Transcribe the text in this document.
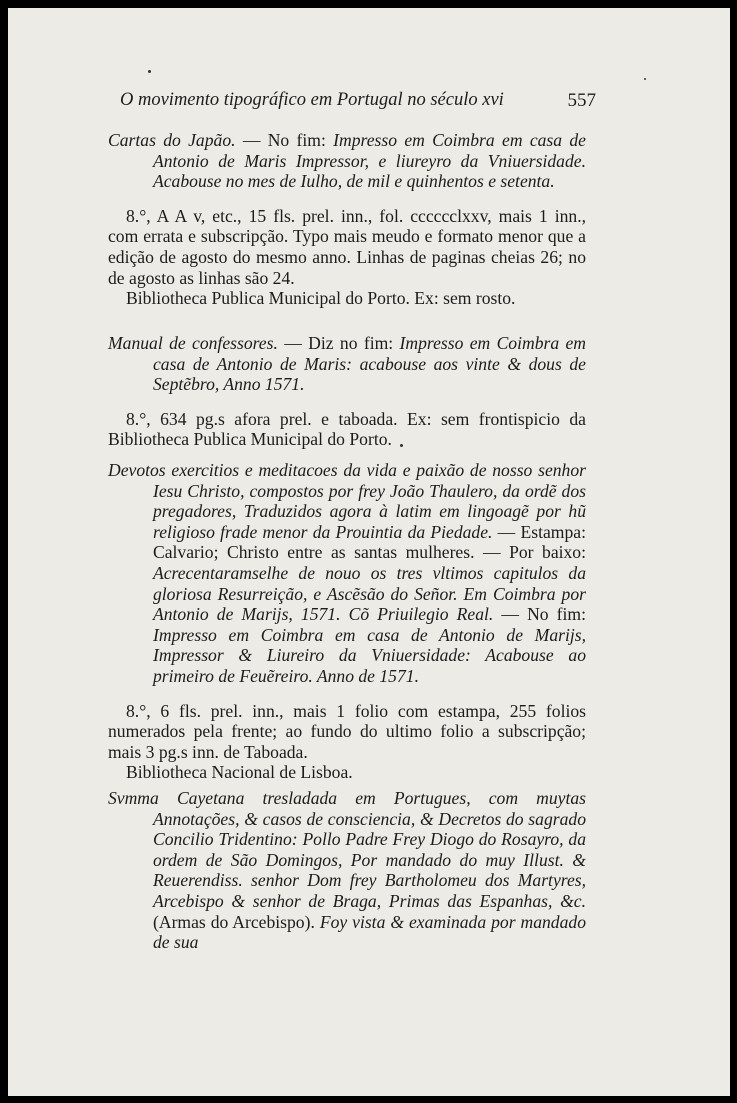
O movimento tipográfico em Portugal no século xvi	557
Cartas do Japão. — No fim: Impresso em Coimbra em casa de Antonio de Maris Impressor, e liureyro da Vniuersidade. Acabouse no mes de Iulho, de mil e quinhentos e setenta.
8.°, A A v, etc., 15 fls. prel. inn., fol. cccccclxxv, mais 1 inn., com errata e subscripção. Typo mais meudo e formato menor que a edição de agosto do mesmo anno. Linhas de paginas cheias 26; no de agosto as linhas são 24.
Bibliotheca Publica Municipal do Porto. Ex: sem rosto.
Manual de confessores. — Diz no fim: Impresso em Coimbra em casa de Antonio de Maris: acabouse aos vinte & dous de Septẽbro, Anno 1571.
8.°, 634 pg.s afora prel. e taboada. Ex: sem frontispicio da Bibliotheca Publica Municipal do Porto.
Devotos exercitios e meditacoes da vida e paixão de nosso senhor Iesu Christo, compostos por frey João Thaulero, da ordẽ dos pregadores, Traduzidos agora à latim em lingoagẽ por hũ religioso frade menor da Prouintia da Piedade. — Estampa: Calvario; Christo entre as santas mulheres. — Por baixo: Acrecentaramselhe de nouo os tres vltimos capitulos da gloriosa Resurreição, e Ascẽsão do Señor. Em Coimbra por Antonio de Marijs, 1571. Cõ Priuilegio Real. — No fim: Impresso em Coimbra em casa de Antonio de Marijs, Impressor & Liureiro da Vniuersidade: Acabouse ao primeiro de Feuẽreiro. Anno de 1571.
8.°, 6 fls. prel. inn., mais 1 folio com estampa, 255 folios numerados pela frente; ao fundo do ultimo folio a subscripção; mais 3 pg.s inn. de Taboada.
Bibliotheca Nacional de Lisboa.
Svmma Cayetana tresladada em Portugues, com muytas Annotações, & casos de consciencia, & Decretos do sagrado Concilio Tridentino: Pollo Padre Frey Diogo do Rosayro, da ordem de São Domingos, Por mandado do muy Illust. & Reuerendiss. senhor Dom frey Bartholomeu dos Martyres, Arcebispo & senhor de Braga, Primas das Espanhas, &c. (Armas do Arcebispo). Foy vista & examinada por mandado de sua
